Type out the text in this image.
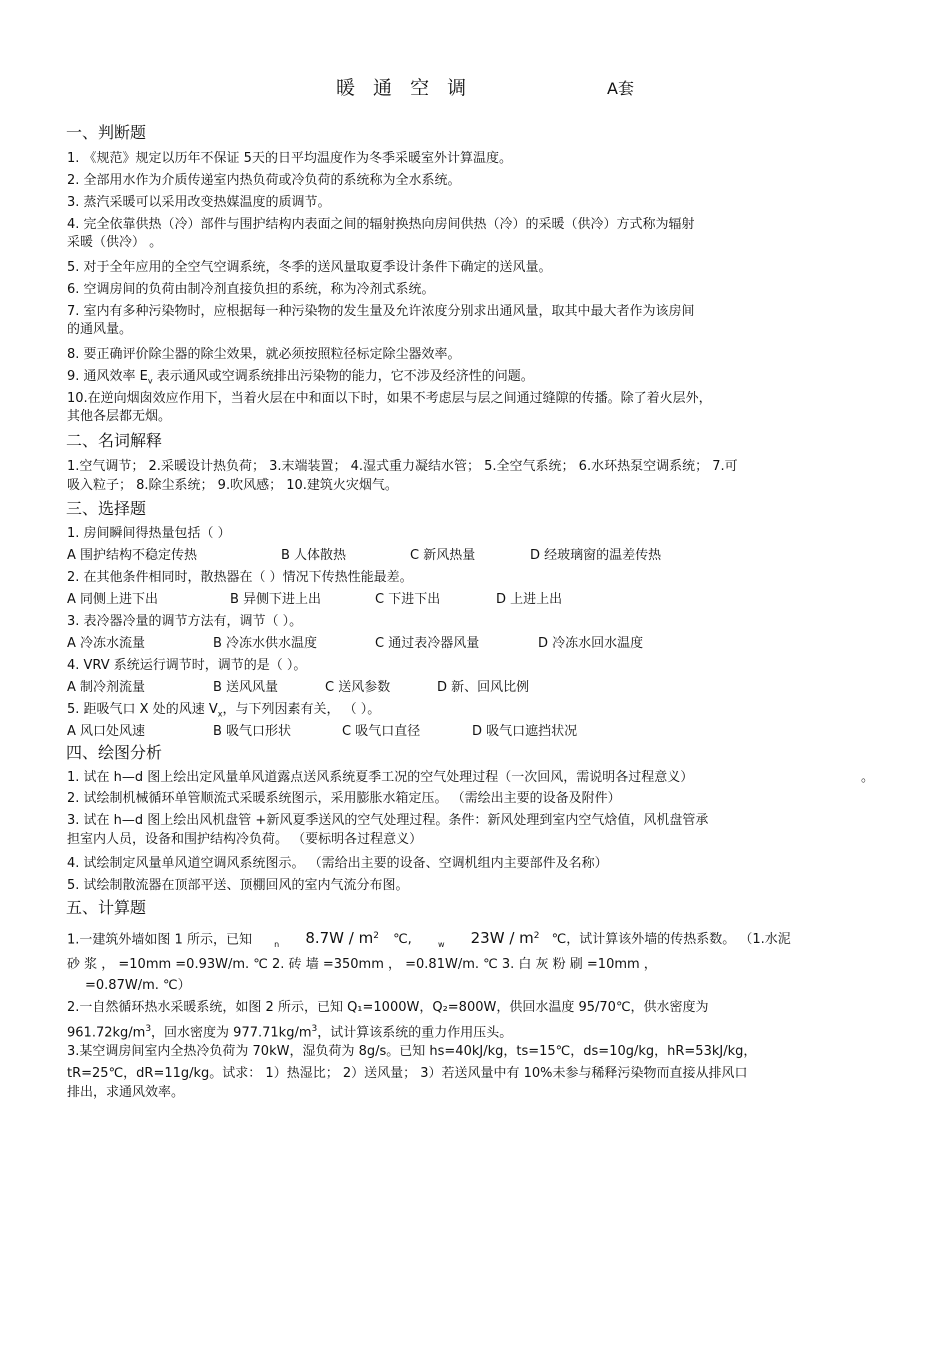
暖 通 空 调	A套
一、判断题
1. 《规范》规定以历年不保证 5天的日平均温度作为冬季采暖室外计算温度。
2. 全部用水作为介质传递室内热负荷或冷负荷的系统称为全水系统。
3. 蒸汽采暖可以采用改变热媒温度的质调节。
4. 完全依靠供热（冷）部件与围护结构内表面之间的辐射换热向房间供热（冷）的采暖（供冷）方式称为辐射
采暖（供冷） 。
5. 对于全年应用的全空气空调系统，冬季的送风量取夏季设计条件下确定的送风量。
6. 空调房间的负荷由制冷剂直接负担的系统，称为冷剂式系统。
7. 室内有多种污染物时，应根据每一种污染物的发生量及允许浓度分别求出通风量，取其中最大者作为该房间
的通风量。
8. 要正确评价除尘器的除尘效果，就必须按照粒径标定除尘器效率。
9. 通风效率 $E_v$ 表示通风或空调系统排出污染物的能力，它不涉及经济性的问题。
10.在逆向烟囱效应作用下，当着火层在中和面以下时，如果不考虑层与层之间通过缝隙的传播。除了着火层外，
其他各层都无烟。
二、名词解释
1.空气调节； 2.采暖设计热负荷； 3.末端装置； 4.湿式重力凝结水管； 5.全空气系统； 6.水环热泵空调系统； 7.可
吸入粒子； 8.除尘系统； 9.吹风感； 10.建筑火灾烟气。
三、选择题
1. 房间瞬间得热量包括（ ）
A 围护结构不稳定传热	B 人体散热	C 新风热量	D 经玻璃窗的温差传热
2. 在其他条件相同时，散热器在（ ）情况下传热性能最差。
A 同侧上进下出	B 异侧下进上出	C 下进下出	D 上进上出
3. 表冷器冷量的调节方法有，调节（ ）。
A 冷冻水流量	B 冷冻水供水温度	C 通过表冷器风量	D 冷冻水回水温度
4. VRV 系统运行调节时，调节的是（ ）。
A 制冷剂流量	B 送风风量	C 送风参数	D 新、回风比例
5. 距吸气口 X 处的风速 $V_x$，与下列因素有关， （ ）。
A 风口处风速	B 吸气口形状	C 吸气口直径	D 吸气口遮挡状况
四、绘图分析
1. 试在 h—d 图上绘出定风量单风道露点送风系统夏季工况的空气处理过程（一次回风，需说明各过程意义）	。
2. 试绘制机械循环单管顺流式采暖系统图示，采用膨胀水箱定压。 （需绘出主要的设备及附件）
3. 试在 h—d 图上绘出风机盘管 +新风夏季送风的空气处理过程。条件：新风处理到室内空气焓值，风机盘管承
担室内人员，设备和围护结构冷负荷。 （要标明各过程意义）
4. 试绘制定风量单风道空调风系统图示。 （需给出主要的设备、空调机组内主要部件及名称）
5. 试绘制散流器在顶部平送、顶棚回风的室内气流分布图。
五、计算题
1.一建筑外墙如图 1 所示，已知	$_n$ $8.7W / m^2$ ℃,	$_w$ $23W / m^2$ ℃，试计算该外墙的传热系数。 （1.水泥
砂 浆 ， =10mm =0.93W/m. ℃ 2. 砖 墙 =350mm ， =0.81W/m. ℃ 3. 白 灰 粉 刷 =10mm ，
=0.87W/m. ℃）
2.一自然循环热水采暖系统，如图 2 所示，已知 Q₁=1000W，Q₂=800W，供回水温度 95/70℃，供水密度为
$961.72kg/m^3$，回水密度为 $977.71kg/m^3$，试计算该系统的重力作用压头。
3.某空调房间室内全热冷负荷为 70kW，湿负荷为 8g/s。已知 hs=40kJ/kg，ts=15℃，ds=10g/kg，hR=53kJ/kg，
tR=25℃，dR=11g/kg。试求： 1）热湿比； 2）送风量； 3）若送风量中有 10%未参与稀释污染物而直接从排风口
排出，求通风效率。
